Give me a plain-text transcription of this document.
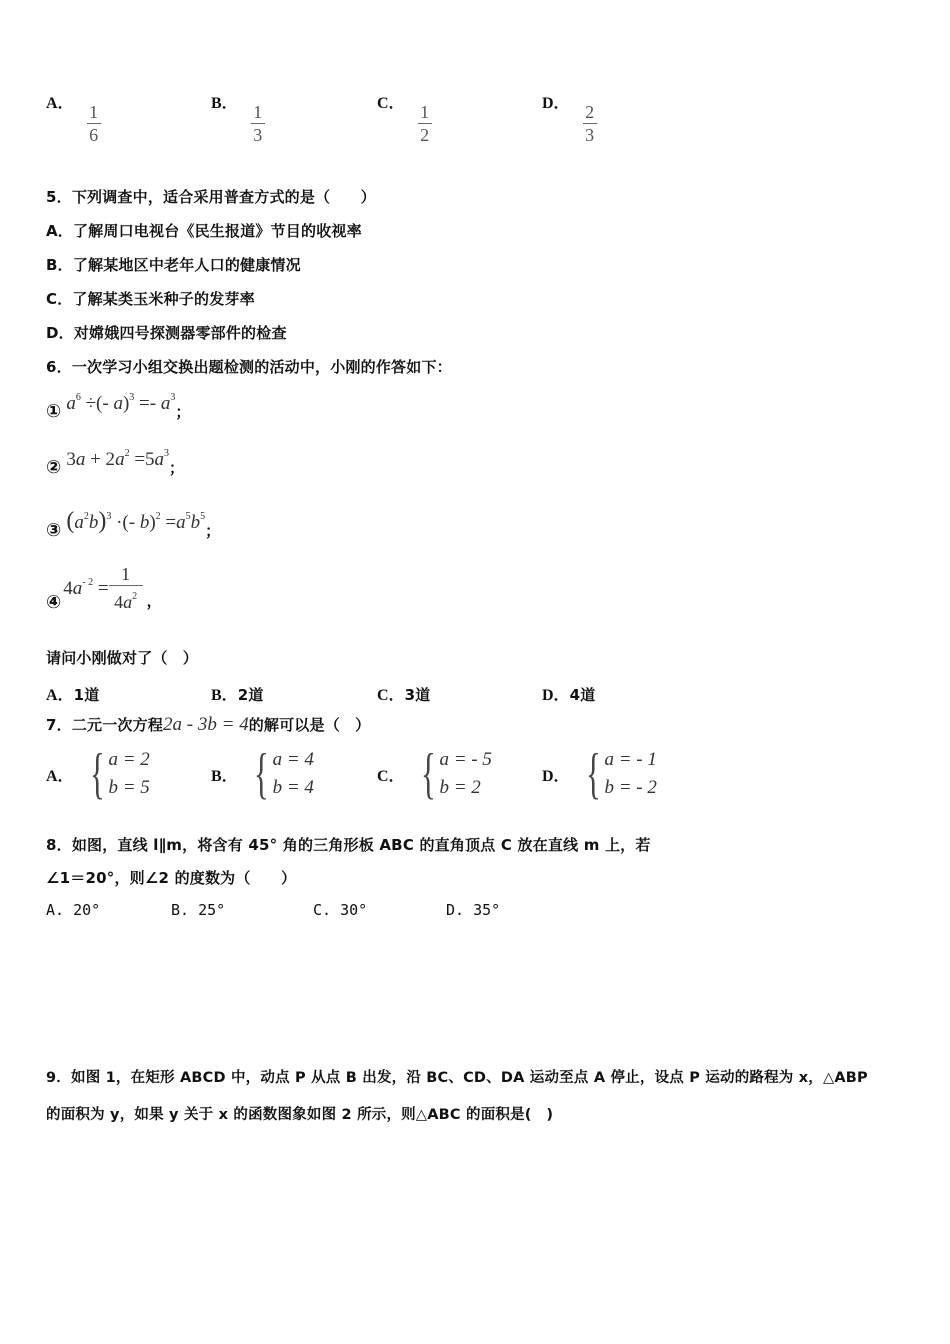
A． $\frac{1}{6}$	B． $\frac{1}{3}$	C． $\frac{1}{2}$	D． $\frac{2}{3}$
5．下列调查中，适合采用普查方式的是（　　）
A．了解周口电视台《民生报道》节目的收视率
B．了解某地区中老年人口的健康情况
C．了解某类玉米种子的发芽率
D．对嫦娥四号探测器零部件的检查
6．一次学习小组交换出题检测的活动中，小刚的作答如下：
① $a^6$ ÷(- $a)^3 =- a^3$；
② $3a + 2a^2 =5a^3$；
③ $(a^2b)^3$ ·(- $b)^2 =a^5b^5$；
④
$4a^{- 2} = \frac{1}{4a^2}$ ，
请问小刚做对了（　）
A．1道	B．2道	C．3道	D．4道
7．二元一次方程2a - 3b = 4的解可以是（　）
A． { a = 2
b = 5
B． { a = 4
b = 4
C． { a = - 5
b = 2
D． { a = - 1
b = - 2
8．如图，直线 l∥m，将含有 45° 角的三角形板 ABC 的直角顶点 C 放在直线 m 上，若
∠1＝20°，则∠2 的度数为（　　）
A. 20°	B. 25°	C. 30°	D. 35°
9．如图 1，在矩形 ABCD 中，动点 P 从点 B 出发，沿 BC、CD、DA 运动至点 A 停止，设点 P 运动的路程为 x，△ABP
的面积为 y，如果 y 关于 x 的函数图象如图 2 所示，则△ABC 的面积是(　)
